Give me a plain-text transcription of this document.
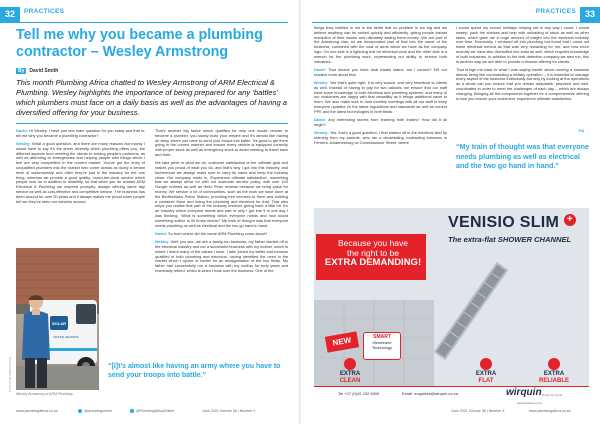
32	PRACTICES
Tell me why you became a plumbing contractor – Wesley Armstrong
By David Smith

This month Plumbing Africa chatted to Wesley Armstrong of ARM Electrical & Plumbing. Wesley highlights the importance of being prepared for any ‘battles’ which plumbers must face on a daily basis as well as the advantages of having a diversified offering for your business.

David: Hi Wesley. I have just one main question for you today and that is: tell me why you became a plumbing contractor?

Wesley: What a good question, and there are many reasons but mainly I would have to say it’s the sheer diversity which plumbing offers you, the different aspects from meeting the clients to solving people’s problems, as well as attending to emergencies and helping people with things which I feel are very competitive in the current market. You’ve got the entry of unqualified plumbers into the market who come across as doing a certain level of workmanship and often they’re just in the industry for the one thing, whereas we provide a good quality, round-the-clock service which people look for in addition to reliability, so that when you do contact ARM Electrical & Plumbing we respond promptly, always offering same day service as well as cost-effective and competitive service. The business has been around for over 20 years and it always makes me proud when people tell me they’ve seen our vehicles around.

That’s another big factor which qualifies for why one would choose to become a plumber, you slowly build your empire and it’s almost like having an army where you have to send your troops into battle. It’s good to get them going in the correct manner and ensure every vehicle is equipped correctly with proper stock as well as emergency stock to avoid needing to travel back and forth.

We take pride in what we do, customer satisfaction is the ultimate goal and makes you proud of what you do, and that’s why I got into this industry, and furthermore we always make sure to carry its name and keep the industry clean. Our company motto is, ‘Experience ultimate satisfaction’, something that we always strive for with our customer service policy, with over 100 Google reviews as well as Hello Peter reviews because we bring value for money. We service a lot of communities, such as the work we have done at the Bedfordview Police Station, providing free services to them and building a container there and doing the plumbing and electrical for that. That also helps you realise that part of the industry involves giving back a little bit. It’s an industry which everyone needs and part of why I got into it is one day I was thinking, ‘What is something which everyone needs and how would something suffice to fill those needs?’ My train of thought was that everyone needs plumbing as well as electrical and the two go hand in hand.

David: So from where did the name ARM Plumbing come about?

Wesley: Well you see, we are a family-run business; my father started off in the electrical industry and ran a successful business with my mother, which is where I learnt many of the values I have. I later joined my father and became qualified in both plumbing and electrical, having identified the need in the market which I spoke of earlier for an amalgamation of the two fields. My father had successfully run a business with my mother for forty years and eventually retired, which is when I took over the business. One of the

SOLAR
WATER HEATERS
Wesley Armstrong of ARM Plumbing.
Photo credit: ARM Plumbing	“[I]t’s almost like having an army where you have to send your troops into battle.”
www.plumbingafrica.co.za	@plumbingonline	@PlumbingAfricaOnline	June 2021 Volume 38 | Number 4
PRACTICES 33

things they instilled in me is the belief that no problem is too big and we believe anything can be solved quickly and efficiently, giving people instant resolution of their issues and ultimately saving them money. We are part of the Armstrong clan, so we incorporated part of that into the name of the business, combined with the coat of arms which we have as the company logo. On one side is a lightning bolt for electrical work and the other side is a wrench for the plumbing work, representing our ability to service both industries.

David: That means you have dual trades status, am I correct? Tell our readers more about that.

Wesley: Yes that’s quite right. It is very scarce, and very beneficial to clients as well. Instead of having to pay for two callouts, we ensure that our staff have some knowledge of both electrical and plumbing systems, and many of our customers are happy with that versatility as it brings additional value to them. We also make sure to host monthly meetings with all our staff to keep everyone updated on the latest regulations and standards as well as correct PPE and the latest technologies in both fields.

David: Any interesting stories from learning both trades? How did it all begin?

Wesley: Yes, that’s a good question. I first started off in the electrical field by learning from my parents, who ran a wholesaling contracting business in Ferreira Johannesburg on Commissioner Street, where

I would spend my school holidays helping out in any way I could. I would sweep, pack the shelves and help with unloading of stock as well as other tasks, which gave me a huge amount of insight into the electrical industry over time. Eventually, I ventured off into plumbing but found that I could not leave electrical behind as that was very rewarding for me, and now more recently we have also diversified into solar as well, which requires knowledge of both industries. In addition to the leak detection company we also run, this is another way we are able to provide a diverse offering for clients.

That brings me back to what I was saying earlier about running a business almost being like commanding a military operation – it is essential to manage every aspect of the business individually but only by looking at the operations as a whole can you ensure that you remain adaptable, prepared and well-coordinated in order to meet the challenges of each day – which are always changing. Bringing all the components together for a comprehensive offering is how you ensure your customers’ experience ultimate satisfaction.

PA
“My train of thought was that everyone needs plumbing as well as electrical and the two go hand in hand.”
Because you have
the right to be
EXTRA DEMANDING!
VENISIO SLIM +
The extra-flat SHOWER CHANNEL
NEW	SMART
Membrane
Technology
EXTRA
CLEAN
EXTRA
FLAT
EXTRA
RELIABLE
Tel +27 (0)42 242 6000	Email: enquiries@wirquin.co.za	wirquin Smart by Good
June 2021 Volume 38 | Number 4	www.plumbingafrica.co.za
www.wirquin.co.za
